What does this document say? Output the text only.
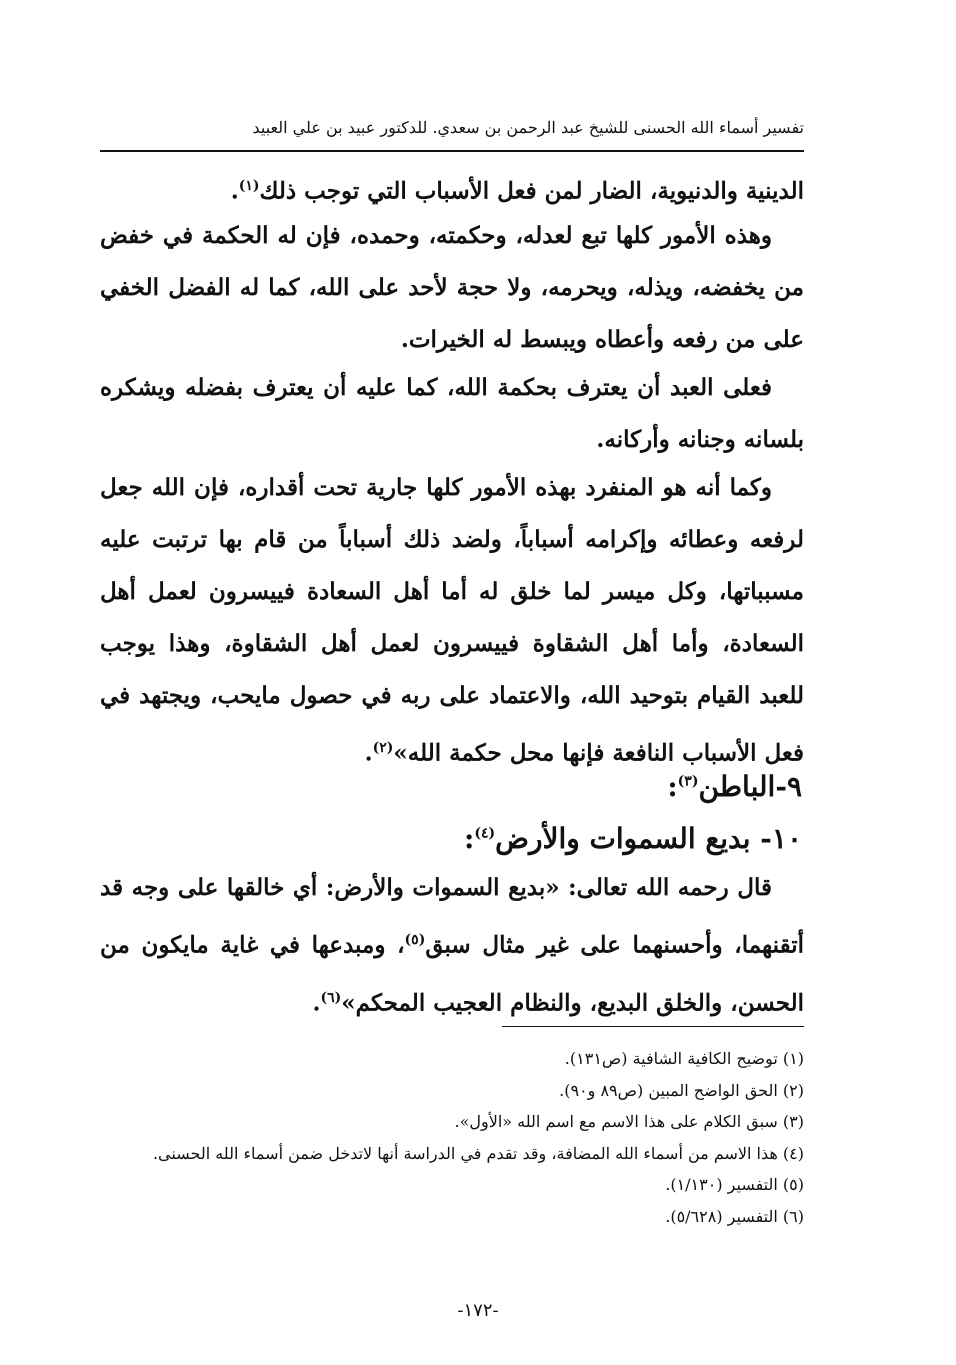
تفسير أسماء الله الحسنى للشيخ عبد الرحمن بن سعدي. للدكتور عبيد بن علي العبيد
الدينية والدنيوية، الضار لمن فعل الأسباب التي توجب ذلك$^{(١)}$.
وهذه الأمور كلها تبع لعدله، وحكمته، وحمده، فإن له الحكمة في خفض من يخفضه، ويذله، ويحرمه، ولا حجة لأحد على الله، كما له الفضل الخفي على من رفعه وأعطاه ويبسط له الخيرات.
فعلى العبد أن يعترف بحكمة الله، كما عليه أن يعترف بفضله ويشكره بلسانه وجنانه وأركانه.
وكما أنه هو المنفرد بهذه الأمور كلها جارية تحت أقداره، فإن الله جعل لرفعه وعطائه وإكرامه أسباباً، ولضد ذلك أسباباً من قام بها ترتبت عليه مسبباتها، وكل ميسر لما خلق له أما أهل السعادة فييسرون لعمل أهل السعادة، وأما أهل الشقاوة فييسرون لعمل أهل الشقاوة، وهذا يوجب للعبد القيام بتوحيد الله، والاعتماد على ربه في حصول مايحب، ويجتهد في فعل الأسباب النافعة فإنها محل حكمة الله»$^{(٢)}$.
٩-الباطن$^{(٣)}$:
١٠- بديع السموات والأرض$^{(٤)}$:
قال رحمه الله تعالى: «بديع السموات والأرض: أي خالقها على وجه قد أتقنهما، وأحسنهما على غير مثال سبق$^{(٥)}$، ومبدعها في غاية مايكون من الحسن، والخلق البديع، والنظام العجيب المحكم»$^{(٦)}$.
(١) توضيح الكافية الشافية (ص١٣١).
(٢) الحق الواضح المبين (ص٨٩ و٩٠).
(٣) سبق الكلام على هذا الاسم مع اسم الله «الأول».
(٤) هذا الاسم من أسماء الله المضافة، وقد تقدم في الدراسة أنها لاتدخل ضمن أسماء الله الحسنى.
(٥) التفسير (١/١٣٠).
(٦) التفسير (٥/٦٢٨).
-١٧٢-
